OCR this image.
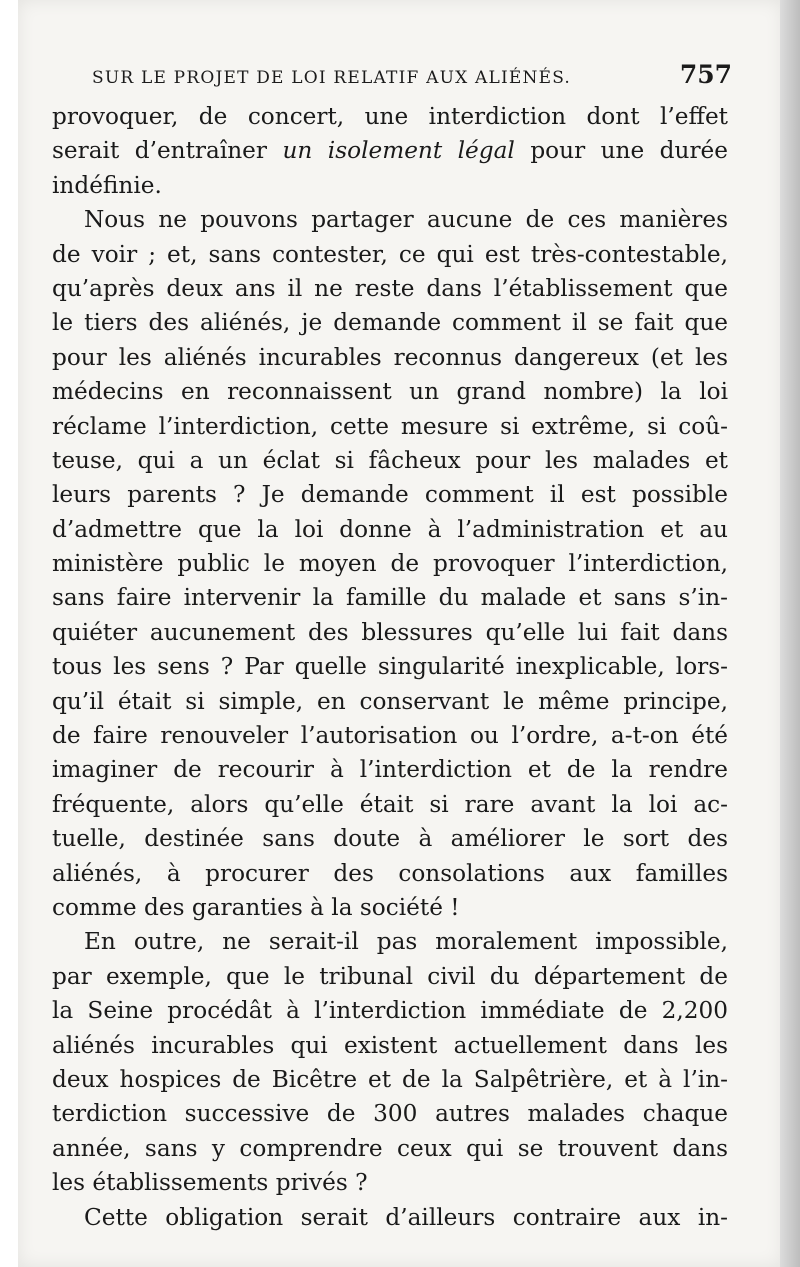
SUR LE PROJET DE LOI RELATIF AUX ALIÉNÉS.	757
provoquer, de concert, une interdiction dont l’effet
serait d’entraîner un isolement légal pour une durée
indéfinie.
Nous ne pouvons partager aucune de ces manières
de voir ; et, sans contester, ce qui est très-contestable,
qu’après deux ans il ne reste dans l’établissement que
le tiers des aliénés, je demande comment il se fait que
pour les aliénés incurables reconnus dangereux (et les
médecins en reconnaissent un grand nombre) la loi
réclame l’interdiction, cette mesure si extrême, si coû-
teuse, qui a un éclat si fâcheux pour les malades et
leurs parents ? Je demande comment il est possible
d’admettre que la loi donne à l’administration et au
ministère public le moyen de provoquer l’interdiction,
sans faire intervenir la famille du malade et sans s’in-
quiéter aucunement des blessures qu’elle lui fait dans
tous les sens ? Par quelle singularité inexplicable, lors-
qu’il était si simple, en conservant le même principe,
de faire renouveler l’autorisation ou l’ordre, a-t-on été
imaginer de recourir à l’interdiction et de la rendre
fréquente, alors qu’elle était si rare avant la loi ac-
tuelle, destinée sans doute à améliorer le sort des
aliénés, à procurer des consolations aux familles
comme des garanties à la société !
En outre, ne serait-il pas moralement impossible,
par exemple, que le tribunal civil du département de
la Seine procédât à l’interdiction immédiate de 2,200
aliénés incurables qui existent actuellement dans les
deux hospices de Bicêtre et de la Salpêtrière, et à l’in-
terdiction successive de 300 autres malades chaque
année, sans y comprendre ceux qui se trouvent dans
les établissements privés ?
Cette obligation serait d’ailleurs contraire aux in-
